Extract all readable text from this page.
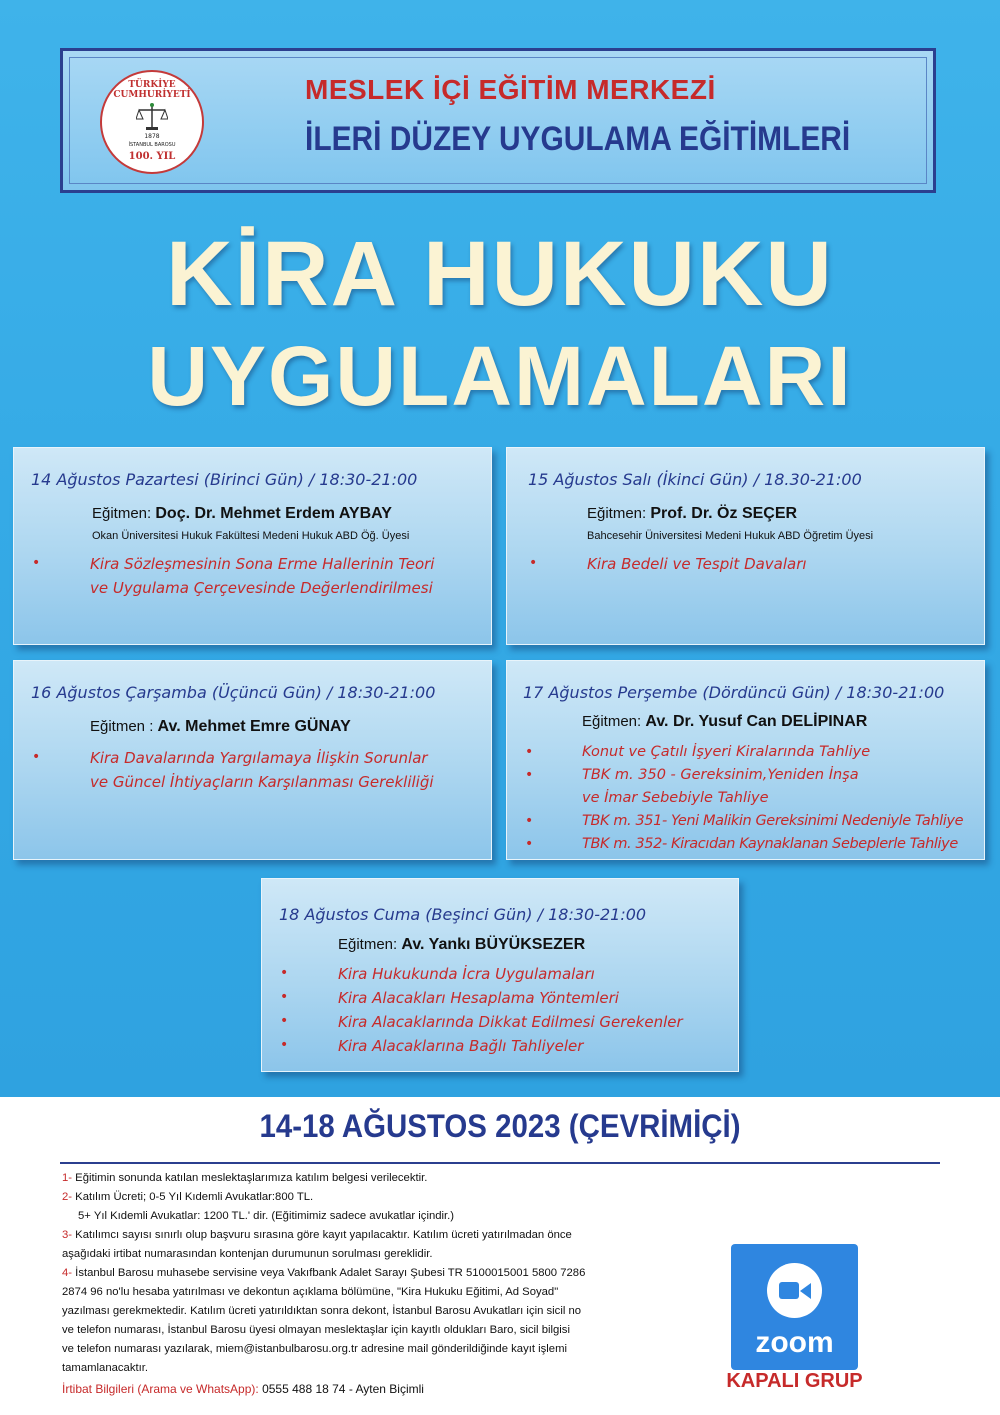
TÜRKİYE CUMHURİYETİ
1878
İSTANBUL BAROSU
100. YIL
MESLEK İÇİ EĞİTİM MERKEZİ
İLERİ DÜZEY UYGULAMA EĞİTİMLERİ
KİRA HUKUKU
UYGULAMALARI
14 Ağustos Pazartesi (Birinci Gün) / 18:30-21:00
Eğitmen: Doç. Dr. Mehmet Erdem AYBAY
Okan Üniversitesi Hukuk Fakültesi Medeni Hukuk ABD Öğ. Üyesi
•	Kira Sözleşmesinin Sona Erme Hallerinin Teori
ve Uygulama Çerçevesinde Değerlendirilmesi
15 Ağustos Salı (İkinci Gün) / 18.30-21:00
Eğitmen: Prof. Dr. Öz SEÇER
Bahcesehir Üniversitesi Medeni Hukuk ABD Öğretim Üyesi
•	Kira Bedeli ve Tespit Davaları
16 Ağustos Çarşamba (Üçüncü Gün) / 18:30-21:00
Eğitmen : Av. Mehmet Emre GÜNAY
•	Kira Davalarında Yargılamaya İlişkin Sorunlar
ve Güncel İhtiyaçların Karşılanması Gerekliliği
17 Ağustos Perşembe (Dördüncü Gün) / 18:30-21:00
Eğitmen: Av. Dr. Yusuf Can DELİPINAR
•	Konut ve Çatılı İşyeri Kiralarında Tahliye
•	TBK m. 350 - Gereksinim,Yeniden İnşa
ve İmar Sebebiyle Tahliye
•	TBK m. 351- Yeni Malikin Gereksinimi Nedeniyle Tahliye
•	TBK m. 352- Kiracıdan Kaynaklanan Sebeplerle Tahliye
18 Ağustos Cuma (Beşinci Gün) / 18:30-21:00
Eğitmen: Av. Yankı BÜYÜKSEZER
•	Kira Hukukunda İcra Uygulamaları
•	Kira Alacakları Hesaplama Yöntemleri
•	Kira Alacaklarında Dikkat Edilmesi Gerekenler
•	Kira Alacaklarına Bağlı Tahliyeler
14-18 AĞUSTOS 2023 (ÇEVRİMİÇİ)
1- Eğitimin sonunda katılan meslektaşlarımıza katılım belgesi verilecektir.
2- Katılım Ücreti; 0-5 Yıl Kıdemli Avukatlar:800 TL.
5+ Yıl Kıdemli Avukatlar: 1200 TL.' dir. (Eğitimimiz sadece avukatlar içindir.)
3- Katılımcı sayısı sınırlı olup başvuru sırasına göre kayıt yapılacaktır. Katılım ücreti yatırılmadan önce
aşağıdaki irtibat numarasından kontenjan durumunun sorulması gereklidir.
4- İstanbul Barosu muhasebe servisine veya Vakıfbank Adalet Sarayı Şubesi TR 5100015001 5800 7286
2874 96 no'lu hesaba yatırılması ve dekontun açıklama bölümüne, "Kira Hukuku Eğitimi, Ad Soyad"
yazılması gerekmektedir. Katılım ücreti yatırıldıktan sonra dekont, İstanbul Barosu Avukatları için sicil no
ve telefon numarası, İstanbul Barosu üyesi olmayan meslektaşlar için kayıtlı oldukları Baro, sicil bilgisi
ve telefon numarası yazılarak, miem@istanbulbarosu.org.tr adresine mail gönderildiğinde kayıt işlemi
tamamlanacaktır.
İrtibat Bilgileri (Arama ve WhatsApp): 0555 488 18 74 - Ayten Biçimli
zoom
KAPALI GRUP
